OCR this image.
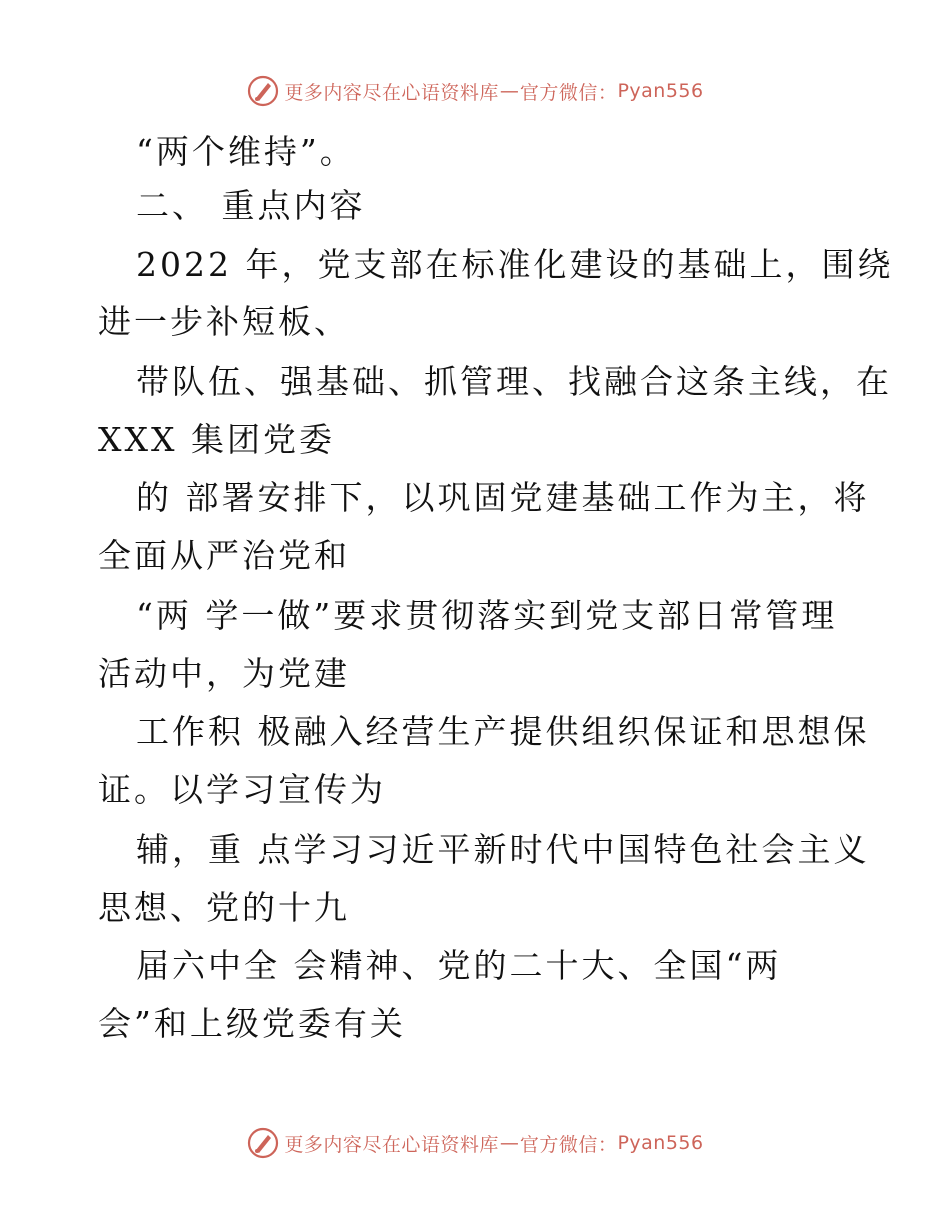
更多内容尽在心语资料库 — 官方微信： Pyan556
“两个维持”。
二、 重点内容
2022 年，党支部在标准化建设的基础上，围绕
进一步补短板、
带队伍、强基础、抓管理、找融合这条主线，在
XXX 集团党委
的 部署安排下，以巩固党建基础工作为主，将
全面从严治党和
“两 学一做”要求贯彻落实到党支部日常管理
活动中，为党建
工作积 极融入经营生产提供组织保证和思想保
证。以学习宣传为
辅，重 点学习习近平新时代中国特色社会主义
思想、党的十九
届六中全 会精神、党的二十大、全国“两
会”和上级党委有关
更多内容尽在心语资料库 — 官方微信： Pyan556
